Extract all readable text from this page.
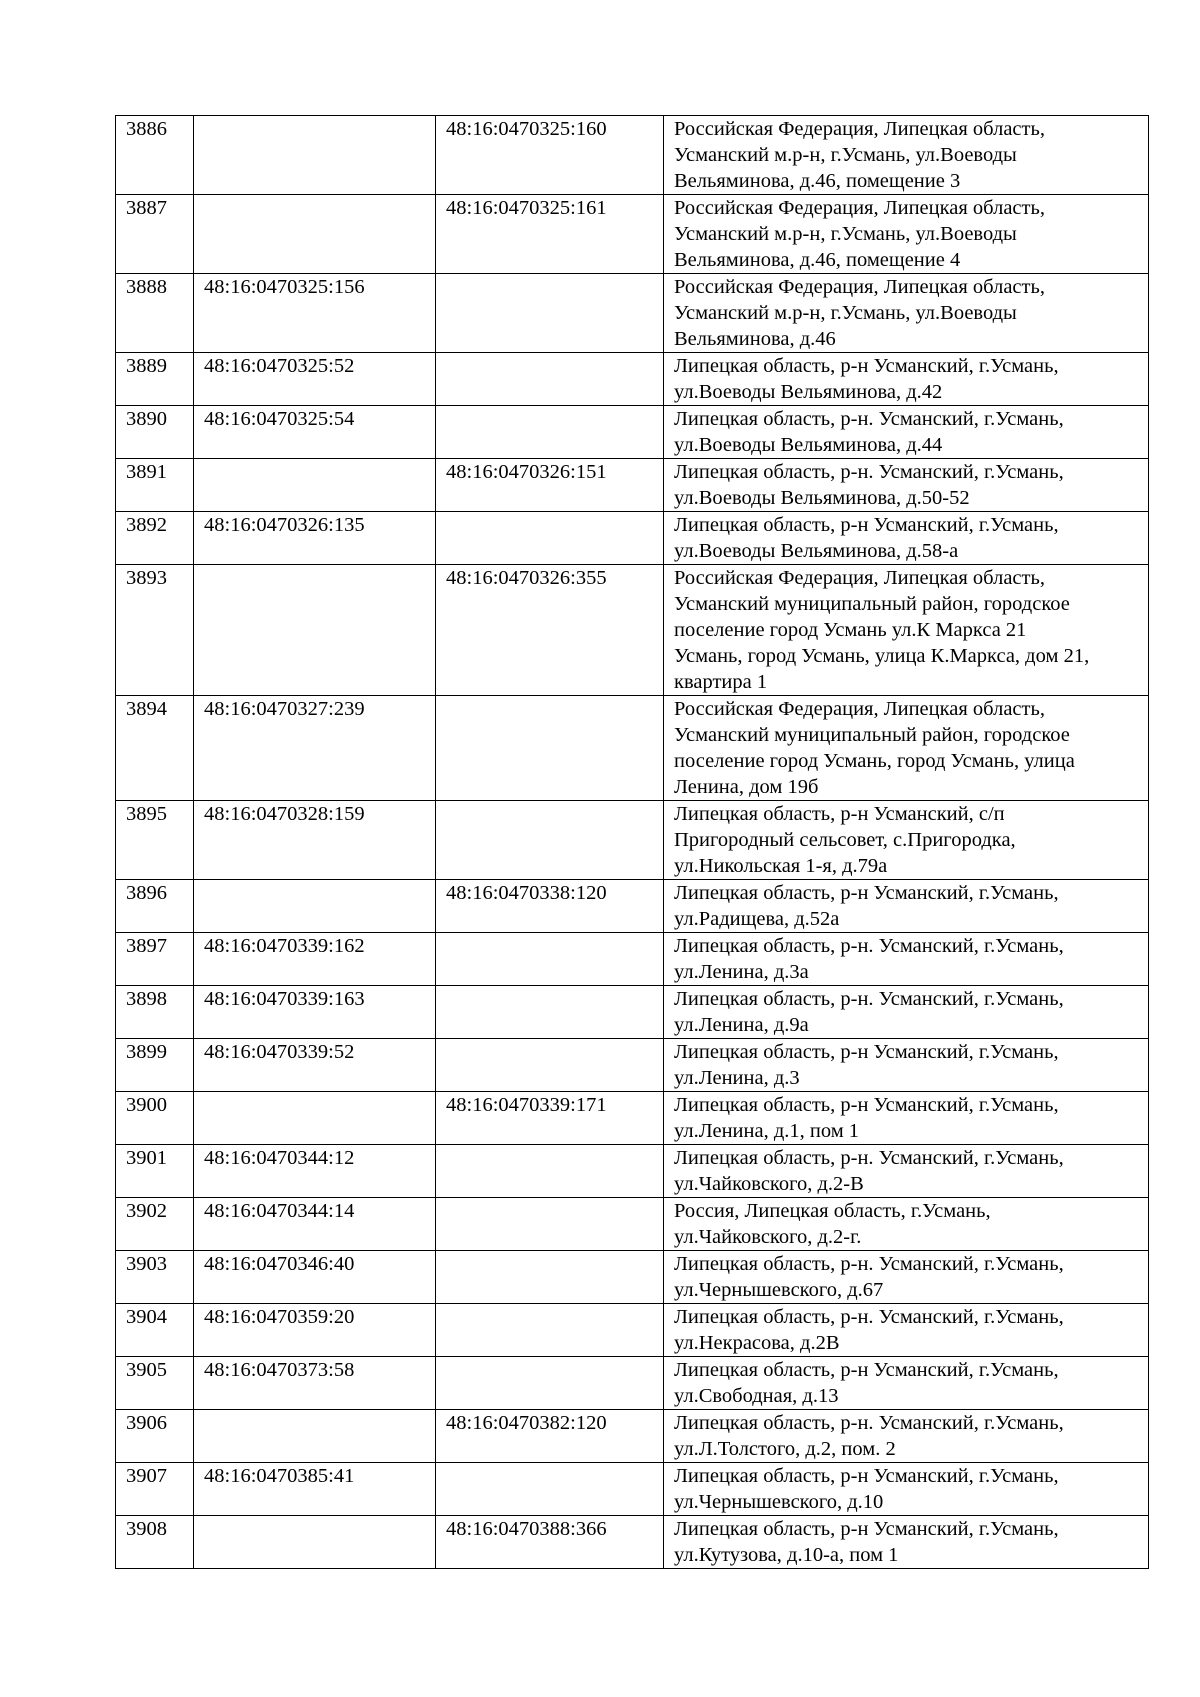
3886		48:16:0470325:160	Российская Федерация, Липецкая область,
Усманский м.р-н, г.Усмань, ул.Воеводы
Вельяминова, д.46, помещение 3

3887		48:16:0470325:161	Российская Федерация, Липецкая область,
Усманский м.р-н, г.Усмань, ул.Воеводы
Вельяминова, д.46, помещение 4

3888	48:16:0470325:156		Российская Федерация, Липецкая область,
Усманский м.р-н, г.Усмань, ул.Воеводы
Вельяминова, д.46

3889	48:16:0470325:52		Липецкая область, р-н Усманский, г.Усмань,
ул.Воеводы Вельяминова, д.42

3890	48:16:0470325:54		Липецкая область, р-н. Усманский, г.Усмань,
ул.Воеводы Вельяминова, д.44

3891		48:16:0470326:151	Липецкая область, р-н. Усманский, г.Усмань,
ул.Воеводы Вельяминова, д.50-52

3892	48:16:0470326:135		Липецкая область, р-н Усманский, г.Усмань,
ул.Воеводы Вельяминова, д.58-а

3893		48:16:0470326:355	Российская Федерация, Липецкая область,
Усманский муниципальный район, городское
поселение город Усмань ул.К Маркса 21
Усмань, город Усмань, улица К.Маркса, дом 21,
квартира 1

3894	48:16:0470327:239		Российская Федерация, Липецкая область,
Усманский муниципальный район, городское
поселение город Усмань, город Усмань, улица
Ленина, дом 19б

3895	48:16:0470328:159		Липецкая область, р-н Усманский, с/п
Пригородный сельсовет, с.Пригородка,
ул.Никольская 1-я, д.79а

3896		48:16:0470338:120	Липецкая область, р-н Усманский, г.Усмань,
ул.Радищева, д.52а

3897	48:16:0470339:162		Липецкая область, р-н. Усманский, г.Усмань,
ул.Ленина, д.3а

3898	48:16:0470339:163		Липецкая область, р-н. Усманский, г.Усмань,
ул.Ленина, д.9а

3899	48:16:0470339:52		Липецкая область, р-н Усманский, г.Усмань,
ул.Ленина, д.3

3900		48:16:0470339:171	Липецкая область, р-н Усманский, г.Усмань,
ул.Ленина, д.1, пом 1

3901	48:16:0470344:12		Липецкая область, р-н. Усманский, г.Усмань,
ул.Чайковского, д.2-В

3902	48:16:0470344:14		Россия, Липецкая область, г.Усмань,
ул.Чайковского, д.2-г.

3903	48:16:0470346:40		Липецкая область, р-н. Усманский, г.Усмань,
ул.Чернышевского, д.67

3904	48:16:0470359:20		Липецкая область, р-н. Усманский, г.Усмань,
ул.Некрасова, д.2В

3905	48:16:0470373:58		Липецкая область, р-н Усманский, г.Усмань,
ул.Свободная, д.13

3906		48:16:0470382:120	Липецкая область, р-н. Усманский, г.Усмань,
ул.Л.Толстого, д.2, пом. 2

3907	48:16:0470385:41		Липецкая область, р-н Усманский, г.Усмань,
ул.Чернышевского, д.10

3908		48:16:0470388:366	Липецкая область, р-н Усманский, г.Усмань,
ул.Кутузова, д.10-а, пом 1
